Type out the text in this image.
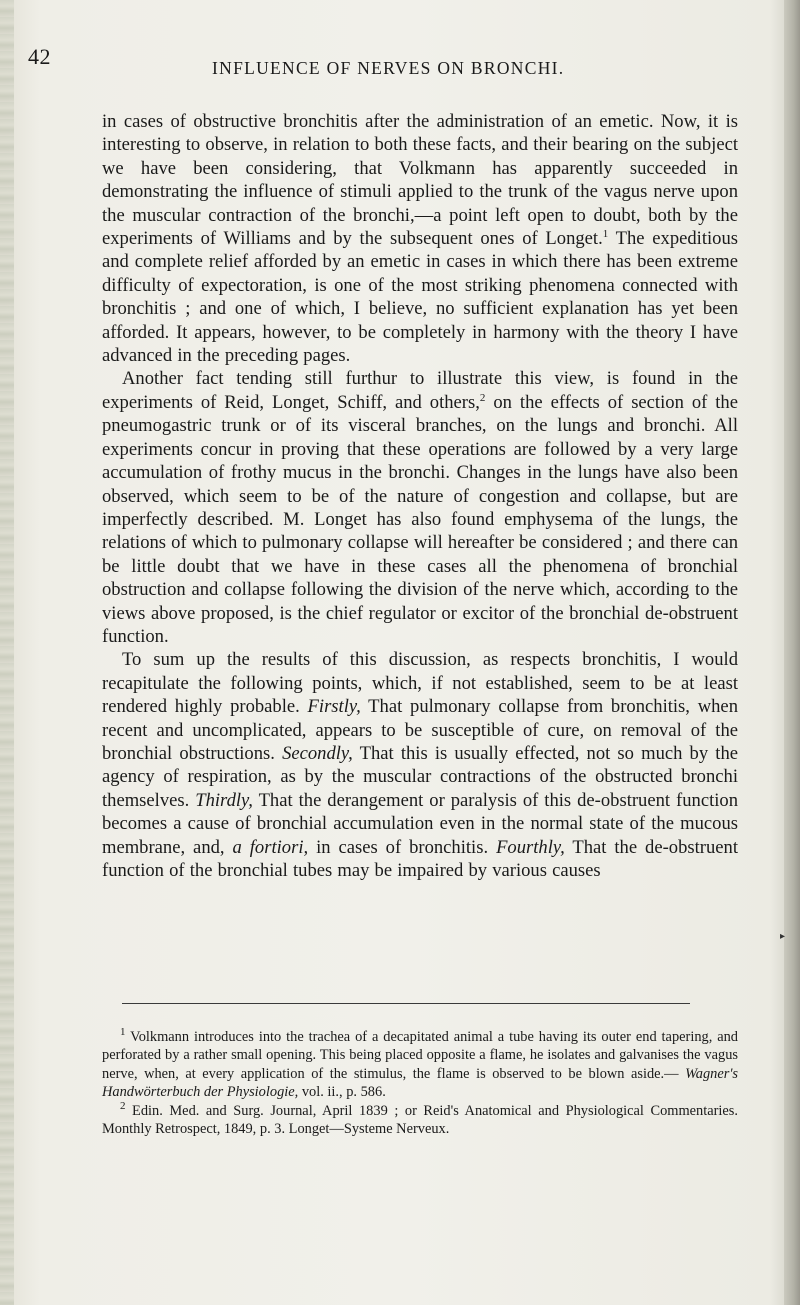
42	INFLUENCE OF NERVES ON BRONCHI.

in cases of obstructive bronchitis after the administration of an emetic. Now, it is interesting to observe, in relation to both these facts, and their bearing on the subject we have been considering, that Volkmann has apparently succeeded in demonstrating the influence of stimuli applied to the trunk of the vagus nerve upon the muscular contraction of the bronchi,—a point left open to doubt, both by the experiments of Williams and by the subsequent ones of Longet.$^1$ The expeditious and complete relief afforded by an emetic in cases in which there has been extreme difficulty of expectoration, is one of the most striking phenomena connected with bronchitis ; and one of which, I believe, no sufficient explanation has yet been afforded. It appears, however, to be completely in harmony with the theory I have advanced in the preceding pages.

Another fact tending still furthur to illustrate this view, is found in the experiments of Reid, Longet, Schiff, and others,$^2$ on the effects of section of the pneumogastric trunk or of its visceral branches, on the lungs and bronchi. All experiments concur in proving that these operations are followed by a very large accumulation of frothy mucus in the bronchi. Changes in the lungs have also been observed, which seem to be of the nature of congestion and collapse, but are imperfectly described. M. Longet has also found emphysema of the lungs, the relations of which to pulmonary collapse will hereafter be considered ; and there can be little doubt that we have in these cases all the phenomena of bronchial obstruction and collapse following the division of the nerve which, according to the views above proposed, is the chief regulator or excitor of the bronchial de-obstruent function.

To sum up the results of this discussion, as respects bronchitis, I would recapitulate the following points, which, if not established, seem to be at least rendered highly probable. Firstly, That pulmonary collapse from bronchitis, when recent and uncomplicated, appears to be susceptible of cure, on removal of the bronchial obstructions. Secondly, That this is usually effected, not so much by the agency of respiration, as by the muscular contractions of the obstructed bronchi themselves. Thirdly, That the derangement or paralysis of this de-obstruent function becomes a cause of bronchial accumulation even in the normal state of the mucous membrane, and, a fortiori, in cases of bronchitis. Fourthly, That the de-obstruent function of the bronchial tubes may be impaired by various causes

$^1$ Volkmann introduces into the trachea of a decapitated animal a tube having its outer end tapering, and perforated by a rather small opening. This being placed opposite a flame, he isolates and galvanises the vagus nerve, when, at every application of the stimulus, the flame is observed to be blown aside.— Wagner's Handwörterbuch der Physiologie, vol. ii., p. 586.

$^2$ Edin. Med. and Surg. Journal, April 1839 ; or Reid's Anatomical and Physiological Commentaries. Monthly Retrospect, 1849, p. 3. Longet—Systeme Nerveux.

▸
